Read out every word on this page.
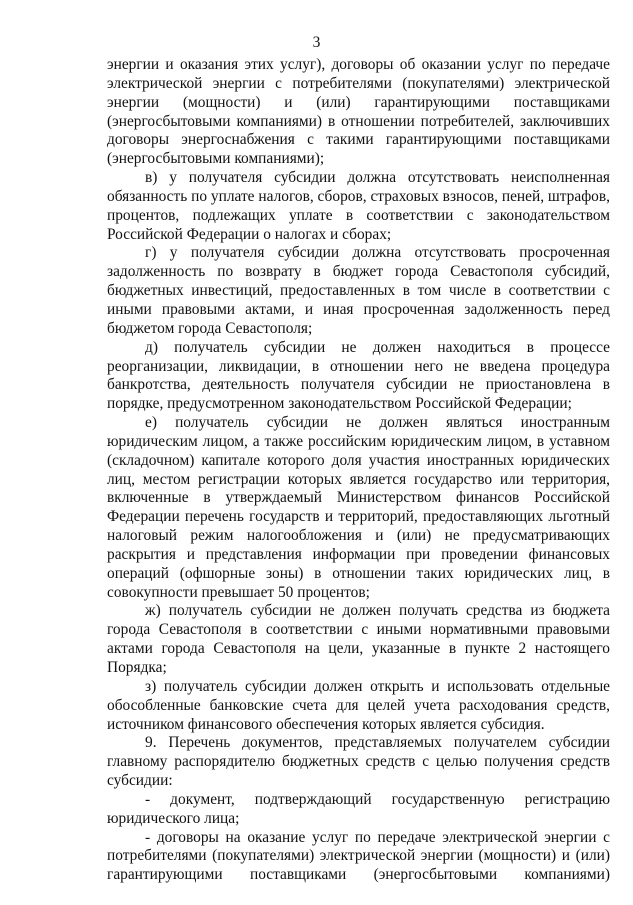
3

энергии и оказания этих услуг), договоры об оказании услуг по передаче электрической энергии с потребителями (покупателями) электрической энергии (мощности) и (или) гарантирующими поставщиками (энергосбытовыми компаниями) в отношении потребителей, заключивших договоры энергоснабжения с такими гарантирующими поставщиками (энергосбытовыми компаниями);

в) у получателя субсидии должна отсутствовать неисполненная обязанность по уплате налогов, сборов, страховых взносов, пеней, штрафов, процентов, подлежащих уплате в соответствии с законодательством Российской Федерации о налогах и сборах;

г) у получателя субсидии должна отсутствовать просроченная задолженность по возврату в бюджет города Севастополя субсидий, бюджетных инвестиций, предоставленных в том числе в соответствии с иными правовыми актами, и иная просроченная задолженность перед бюджетом города Севастополя;

д) получатель субсидии не должен находиться в процессе реорганизации, ликвидации, в отношении него не введена процедура банкротства, деятельность получателя субсидии не приостановлена в порядке, предусмотренном законодательством Российской Федерации;

е) получатель субсидии не должен являться иностранным юридическим лицом, а также российским юридическим лицом, в уставном (складочном) капитале которого доля участия иностранных юридических лиц, местом регистрации которых является государство или территория, включенные в утверждаемый Министерством финансов Российской Федерации перечень государств и территорий, предоставляющих льготный налоговый режим налогообложения и (или) не предусматривающих раскрытия и представления информации при проведении финансовых операций (офшорные зоны) в отношении таких юридических лиц, в совокупности превышает 50 процентов;

ж) получатель субсидии не должен получать средства из бюджета города Севастополя в соответствии с иными нормативными правовыми актами города Севастополя на цели, указанные в пункте 2 настоящего Порядка;

з) получатель субсидии должен открыть и использовать отдельные обособленные банковские счета для целей учета расходования средств, источником финансового обеспечения которых является субсидия.

9. Перечень документов, представляемых получателем субсидии главному распорядителю бюджетных средств с целью получения средств субсидии:

- документ, подтверждающий государственную регистрацию юридического лица;

- договоры на оказание услуг по передаче электрической энергии с потребителями (покупателями) электрической энергии (мощности) и (или) гарантирующими поставщиками (энергосбытовыми компаниями)
